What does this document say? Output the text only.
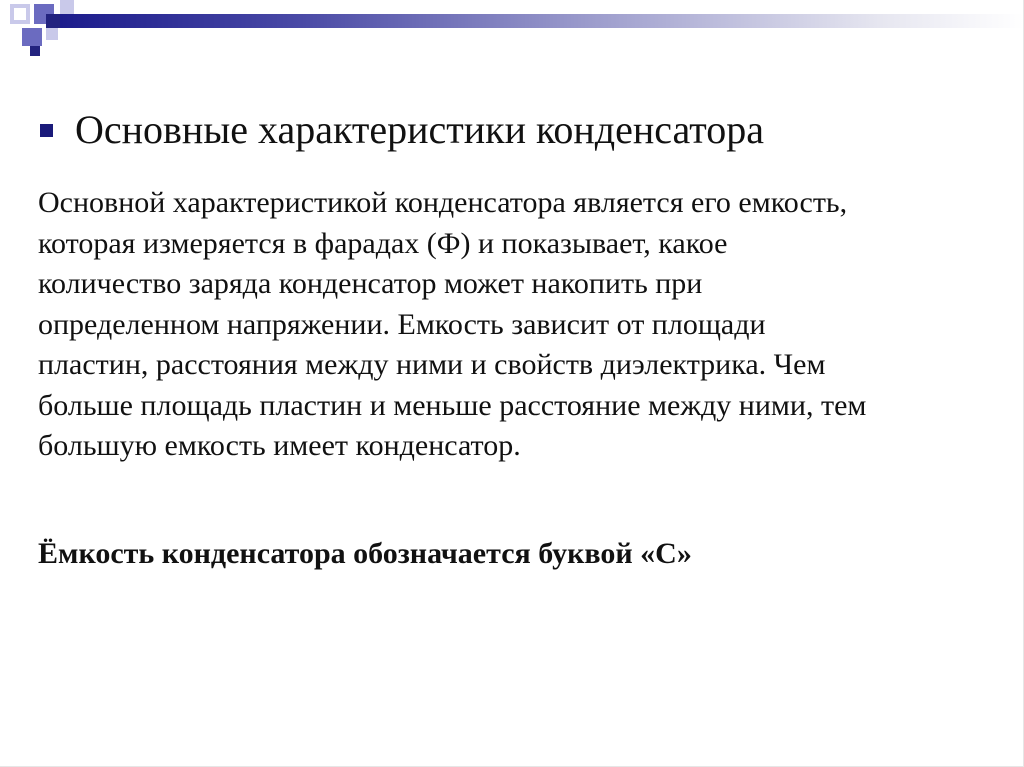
Основные характеристики конденсатора
Основной характеристикой конденсатора является его емкость,
которая измеряется в фарадах (Ф) и показывает, какое
количество заряда конденсатор может накопить при
определенном напряжении. Емкость зависит от площади
пластин, расстояния между ними и свойств диэлектрика. Чем
больше площадь пластин и меньше расстояние между ними, тем
большую емкость имеет конденсатор.
Ёмкость конденсатора обозначается буквой «С»
